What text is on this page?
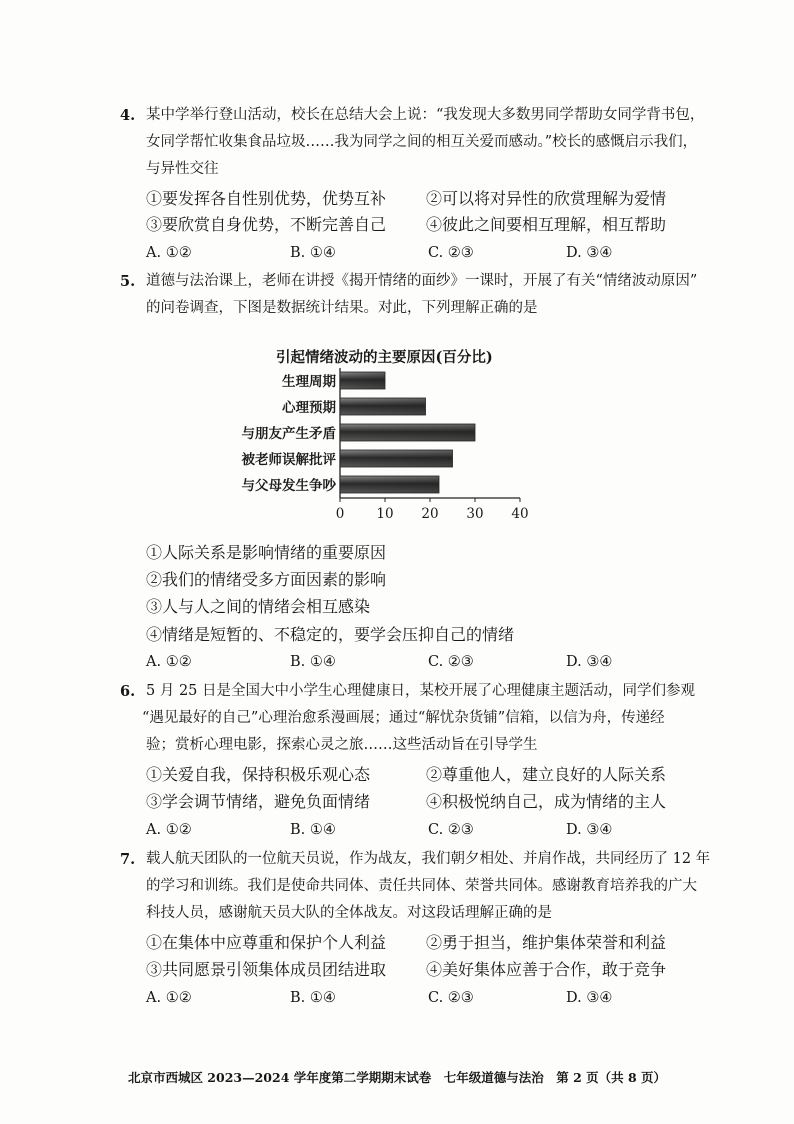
4. 某中学举行登山活动，校长在总结大会上说：“我发现大多数男同学帮助女同学背书包，
女同学帮忙收集食品垃圾……我为同学之间的相互关爱而感动。”校长的感慨启示我们，
与异性交往
①要发挥各自性别优势，优势互补 ②可以将对异性的欣赏理解为爱情
③要欣赏自身优势，不断完善自己 ④彼此之间要相互理解，相互帮助
A. ①②	B. ①④	C. ②③	D. ③④
5. 道德与法治课上，老师在讲授《揭开情绪的面纱》一课时，开展了有关“情绪波动原因”
的问卷调查，下图是数据统计结果。对此，下列理解正确的是
引起情绪波动的主要原因(百分比)
生理周期
心理预期
与朋友产生矛盾
被老师误解批评
与父母发生争吵
0 10 20 30 40
①人际关系是影响情绪的重要原因
②我们的情绪受多方面因素的影响
③人与人之间的情绪会相互感染
④情绪是短暂的、不稳定的，要学会压抑自己的情绪
A. ①②	B. ①④	C. ②③	D. ③④
6. 5 月 25 日是全国大中小学生心理健康日，某校开展了心理健康主题活动，同学们参观
“遇见最好的自己”心理治愈系漫画展；通过“解忧杂货铺”信箱，以信为舟，传递经
验；赏析心理电影，探索心灵之旅……这些活动旨在引导学生
①关爱自我，保持积极乐观心态	②尊重他人，建立良好的人际关系
③学会调节情绪，避免负面情绪	④积极悦纳自己，成为情绪的主人
A. ①②	B. ①④	C. ②③	D. ③④
7. 载人航天团队的一位航天员说，作为战友，我们朝夕相处、并肩作战，共同经历了 12 年
的学习和训练。我们是使命共同体、责任共同体、荣誉共同体。感谢教育培养我的广大
科技人员，感谢航天员大队的全体战友。对这段话理解正确的是
①在集体中应尊重和保护个人利益 ②勇于担当，维护集体荣誉和利益
③共同愿景引领集体成员团结进取 ④美好集体应善于合作，敢于竞争
A. ①②	B. ①④	C. ②③	D. ③④
北京市西城区 2023—2024 学年度第二学期期末试卷　七年级道德与法治　第 2 页（共 8 页）
